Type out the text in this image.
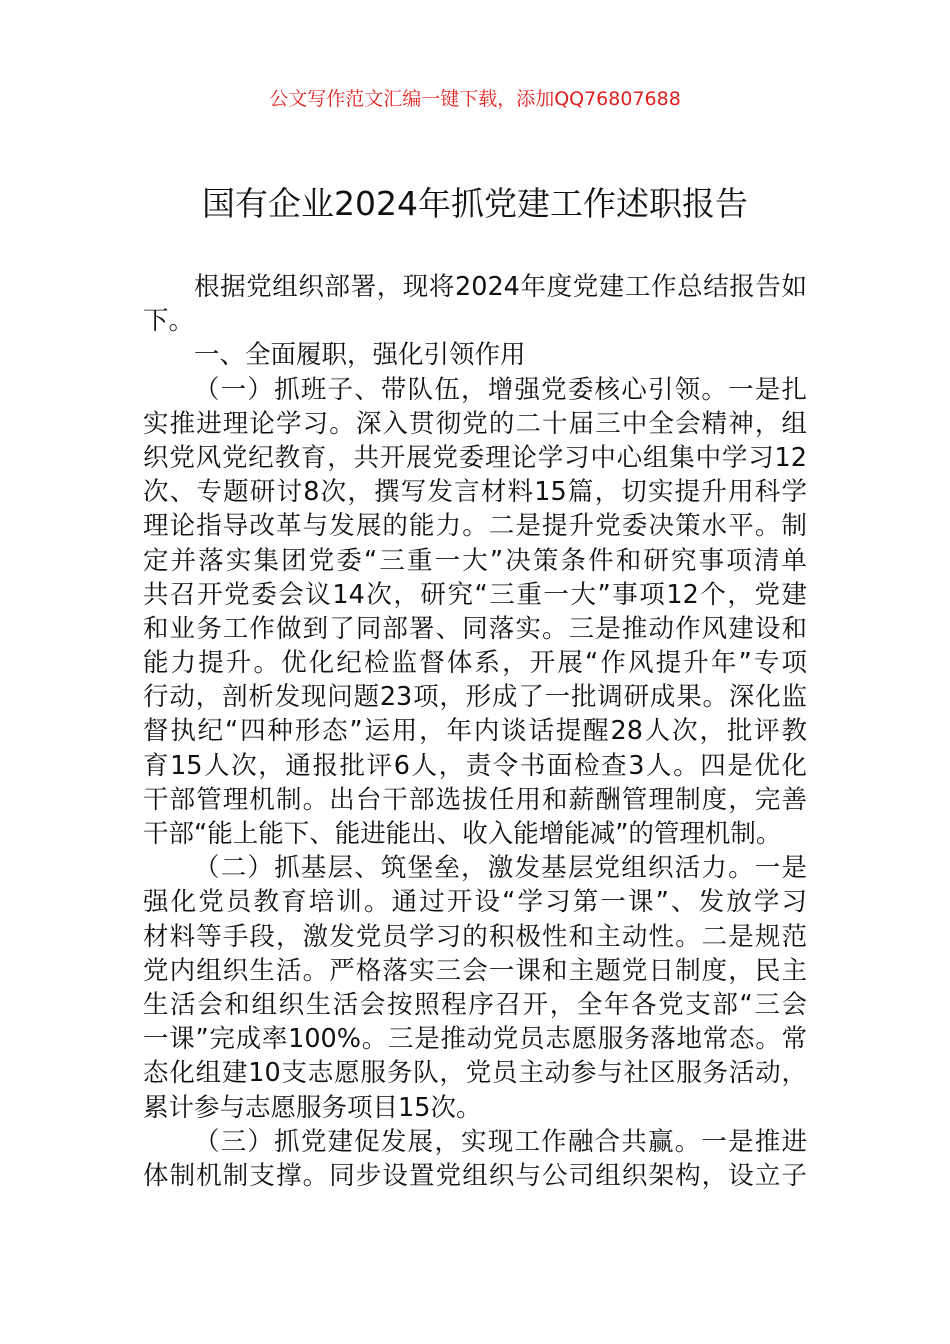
公文写作范文汇编一键下载，添加QQ76807688
国有企业2024年抓党建工作述职报告
根据党组织部署，现将2024年度党建工作总结报告如
下。
一、全面履职，强化引领作用
（一）抓班子、带队伍，增强党委核心引领。一是扎
实推进理论学习。深入贯彻党的二十届三中全会精神，组
织党风党纪教育，共开展党委理论学习中心组集中学习12
次、专题研讨8次，撰写发言材料15篇，切实提升用科学
理论指导改革与发展的能力。二是提升党委决策水平。制
定并落实集团党委“三重一大”决策条件和研究事项清单
共召开党委会议14次，研究“三重一大”事项12个，党建
和业务工作做到了同部署、同落实。三是推动作风建设和
能力提升。优化纪检监督体系，开展“作风提升年”专项
行动，剖析发现问题23项，形成了一批调研成果。深化监
督执纪“四种形态”运用，年内谈话提醒28人次，批评教
育15人次，通报批评6人，责令书面检查3人。四是优化
干部管理机制。出台干部选拔任用和薪酬管理制度，完善
干部“能上能下、能进能出、收入能增能减”的管理机制。
（二）抓基层、筑堡垒，激发基层党组织活力。一是
强化党员教育培训。通过开设“学习第一课”、发放学习
材料等手段，激发党员学习的积极性和主动性。二是规范
党内组织生活。严格落实三会一课和主题党日制度，民主
生活会和组织生活会按照程序召开，全年各党支部“三会
一课”完成率100%。三是推动党员志愿服务落地常态。常
态化组建10支志愿服务队，党员主动参与社区服务活动，
累计参与志愿服务项目15次。
（三）抓党建促发展，实现工作融合共赢。一是推进
体制机制支撑。同步设置党组织与公司组织架构，设立子
